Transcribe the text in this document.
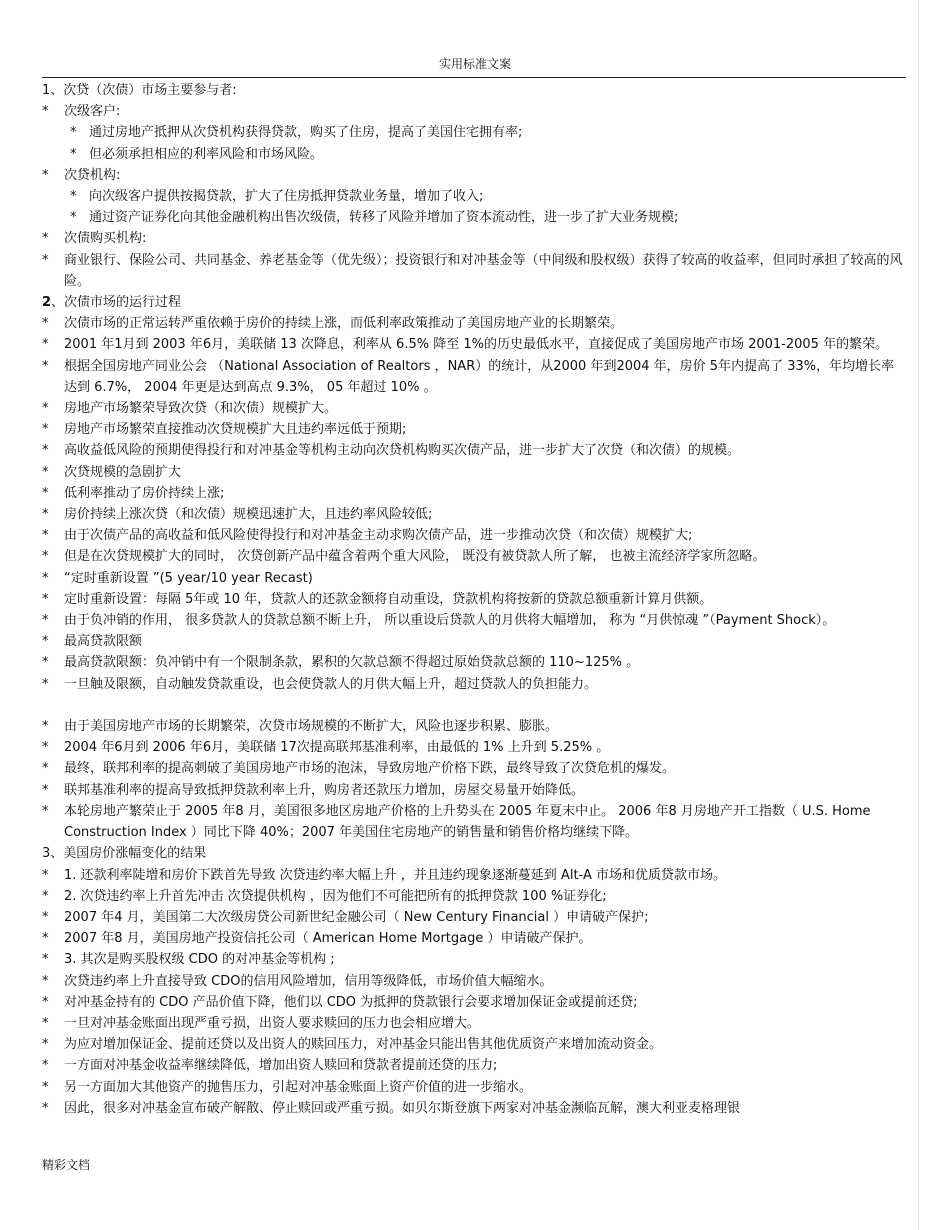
实用标准文案
1、次贷（次债）市场主要参与者:
*	次级客户:
* 通过房地产抵押从次贷机构获得贷款，购买了住房，提高了美国住宅拥有率;
* 但必须承担相应的利率风险和市场风险。
*	次贷机构:
* 向次级客户提供按揭贷款，扩大了住房抵押贷款业务量，增加了收入;
* 通过资产证券化向其他金融机构出售次级债，转移了风险并增加了资本流动性，进一步了扩大业务规模;
*	次债购买机构:
*	商业银行、保险公司、共同基金、养老基金等（优先级）；投资银行和对冲基金等（中间级和股权级）获得了较高的收益率，但同时承担了较高的风险。
2、次债市场的运行过程
*	次债市场的正常运转严重依赖于房价的持续上涨，而低利率政策推动了美国房地产业的长期繁荣。
*	2001 年1月到 2003 年6月，美联储 13 次降息，利率从 6.5% 降至 1%的历史最低水平，直接促成了美国房地产市场 2001-2005 年的繁荣。
*	根据全国房地产同业公会 （National Association of Realtors ，NAR）的统计，从2000 年到2004 年，房价 5年内提高了 33%，年均增长率达到 6.7%， 2004 年更是达到高点 9.3%， 05 年超过 10% 。
*	房地产市场繁荣导致次贷（和次债）规模扩大。
*	房地产市场繁荣直接推动次贷规模扩大且违约率远低于预期;
*	高收益低风险的预期使得投行和对冲基金等机构主动向次贷机构购买次债产品，进一步扩大了次贷（和次债）的规模。
*	次贷规模的急剧扩大
*	低利率推动了房价持续上涨;
*	房价持续上涨次贷（和次债）规模迅速扩大，且违约率风险较低;
*	由于次债产品的高收益和低风险使得投行和对冲基金主动求购次债产品，进一步推动次贷（和次债）规模扩大;
*	但是在次贷规模扩大的同时， 次贷创新产品中蕴含着两个重大风险， 既没有被贷款人所了解， 也被主流经济学家所忽略。
*	“定时重新设置 ”(5 year/10 year Recast)
*	定时重新设置：每隔 5年或 10 年，贷款人的还款金额将自动重设，贷款机构将按新的贷款总额重新计算月供额。
*	由于负冲销的作用， 很多贷款人的贷款总额不断上升， 所以重设后贷款人的月供将大幅增加， 称为 “月供惊魂 ”（Payment Shock）。
*	最高贷款限额
*	最高贷款限额：负冲销中有一个限制条款，累积的欠款总额不得超过原始贷款总额的 110~125% 。
*	一旦触及限额，自动触发贷款重设，也会使贷款人的月供大幅上升，超过贷款人的负担能力。
*	由于美国房地产市场的长期繁荣，次贷市场规模的不断扩大，风险也逐步积累、膨胀。
*	2004 年6月到 2006 年6月，美联储 17次提高联邦基准利率，由最低的 1% 上升到 5.25% 。
*	最终，联邦利率的提高刺破了美国房地产市场的泡沫，导致房地产价格下跌，最终导致了次贷危机的爆发。
*	联邦基准利率的提高导致抵押贷款利率上升，购房者还款压力增加，房屋交易量开始降低。
*	本轮房地产繁荣止于 2005 年8 月，美国很多地区房地产价格的上升势头在 2005 年夏末中止。 2006 年8 月房地产开工指数（ U.S. Home Construction Index ）同比下降 40%；2007 年美国住宅房地产的销售量和销售价格均继续下降。
3、美国房价涨幅变化的结果
*	1. 还款利率陡增和房价下跌首先导致 次贷违约率大幅上升 ，并且违约现象逐渐蔓延到 Alt-A 市场和优质贷款市场。
*	2. 次贷违约率上升首先冲击 次贷提供机构 ，因为他们不可能把所有的抵押贷款 100 %证券化;
*	2007 年4 月，美国第二大次级房贷公司新世纪金融公司（ New Century Financial ）申请破产保护;
*	2007 年8 月，美国房地产投资信托公司（ American Home Mortgage ）申请破产保护。
*	3. 其次是购买股权级 CDO 的对冲基金等机构 ;
*	次贷违约率上升直接导致 CDO的信用风险增加，信用等级降低，市场价值大幅缩水。
*	对冲基金持有的 CDO 产品价值下降，他们以 CDO 为抵押的贷款银行会要求增加保证金或提前还贷;
*	一旦对冲基金账面出现严重亏损，出资人要求赎回的压力也会相应增大。
*	为应对增加保证金、提前还贷以及出资人的赎回压力，对冲基金只能出售其他优质资产来增加流动资金。
*	一方面对冲基金收益率继续降低，增加出资人赎回和贷款者提前还贷的压力;
*	另一方面加大其他资产的抛售压力，引起对冲基金账面上资产价值的进一步缩水。
*	因此，很多对冲基金宣布破产解散、停止赎回或严重亏损。如贝尔斯登旗下两家对冲基金濒临瓦解，澳大利亚麦格理银
精彩文档
